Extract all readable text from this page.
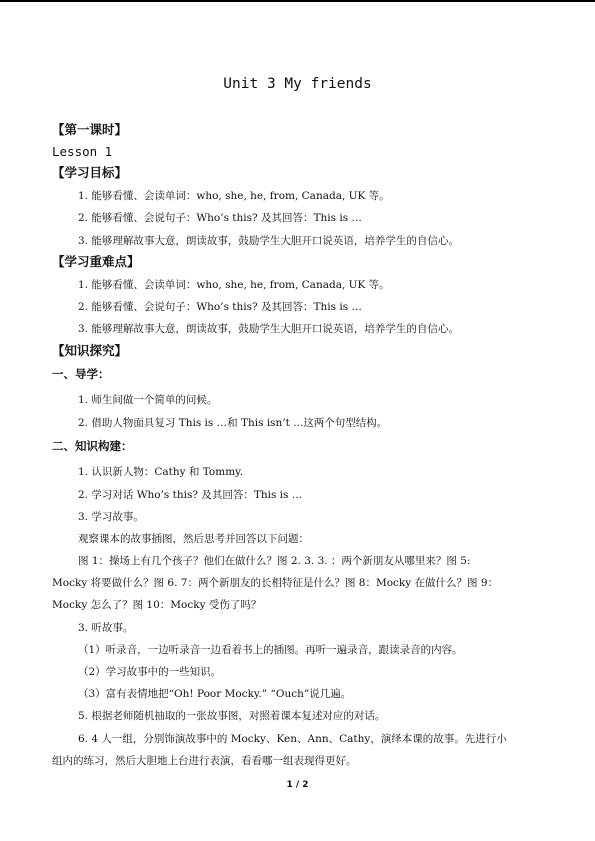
Unit 3 My friends
【第一课时】
Lesson 1
【学习目标】
1. 能够看懂、会读单词：who, she, he, from, Canada, UK 等。
2. 能够看懂、会说句子：Who’s this? 及其回答：This is …
3. 能够理解故事大意，朗读故事，鼓励学生大胆开口说英语，培养学生的自信心。
【学习重难点】
1. 能够看懂、会读单词：who, she, he, from, Canada, UK 等。
2. 能够看懂、会说句子：Who’s this? 及其回答：This is …
3. 能够理解故事大意，朗读故事，鼓励学生大胆开口说英语，培养学生的自信心。
【知识探究】
一、导学：
1. 师生间做一个简单的问候。
2. 借助人物面具复习 This is …和 This isn’t ...这两个句型结构。
二、知识构建：
1. 认识新人物：Cathy 和 Tommy.
2. 学习对话 Who’s this? 及其回答：This is …
3. 学习故事。
观察课本的故事插图，然后思考并回答以下问题：
图 1：操场上有几个孩子？他们在做什么？图 2. 3. 3. ：两个新朋友从哪里来？图 5:
Mocky 将要做什么？图 6. 7：两个新朋友的长相特征是什么？图 8：Mocky 在做什么？图 9：
Mocky 怎么了？图 10：Mocky 受伤了吗？
3. 听故事。
（1）听录音，一边听录音一边看着书上的插图。再听一遍录音，跟读录音的内容。
（2）学习故事中的一些知识。
（3）富有表情地把“Oh! Poor Mocky.” “Ouch”说几遍。
5. 根据老师随机抽取的一张故事图，对照着课本复述对应的对话。
6. 4 人一组，分别饰演故事中的 Mocky、Ken、Ann、Cathy，演绎本课的故事。先进行小
组内的练习，然后大胆地上台进行表演，看看哪一组表现得更好。
1 / 2
